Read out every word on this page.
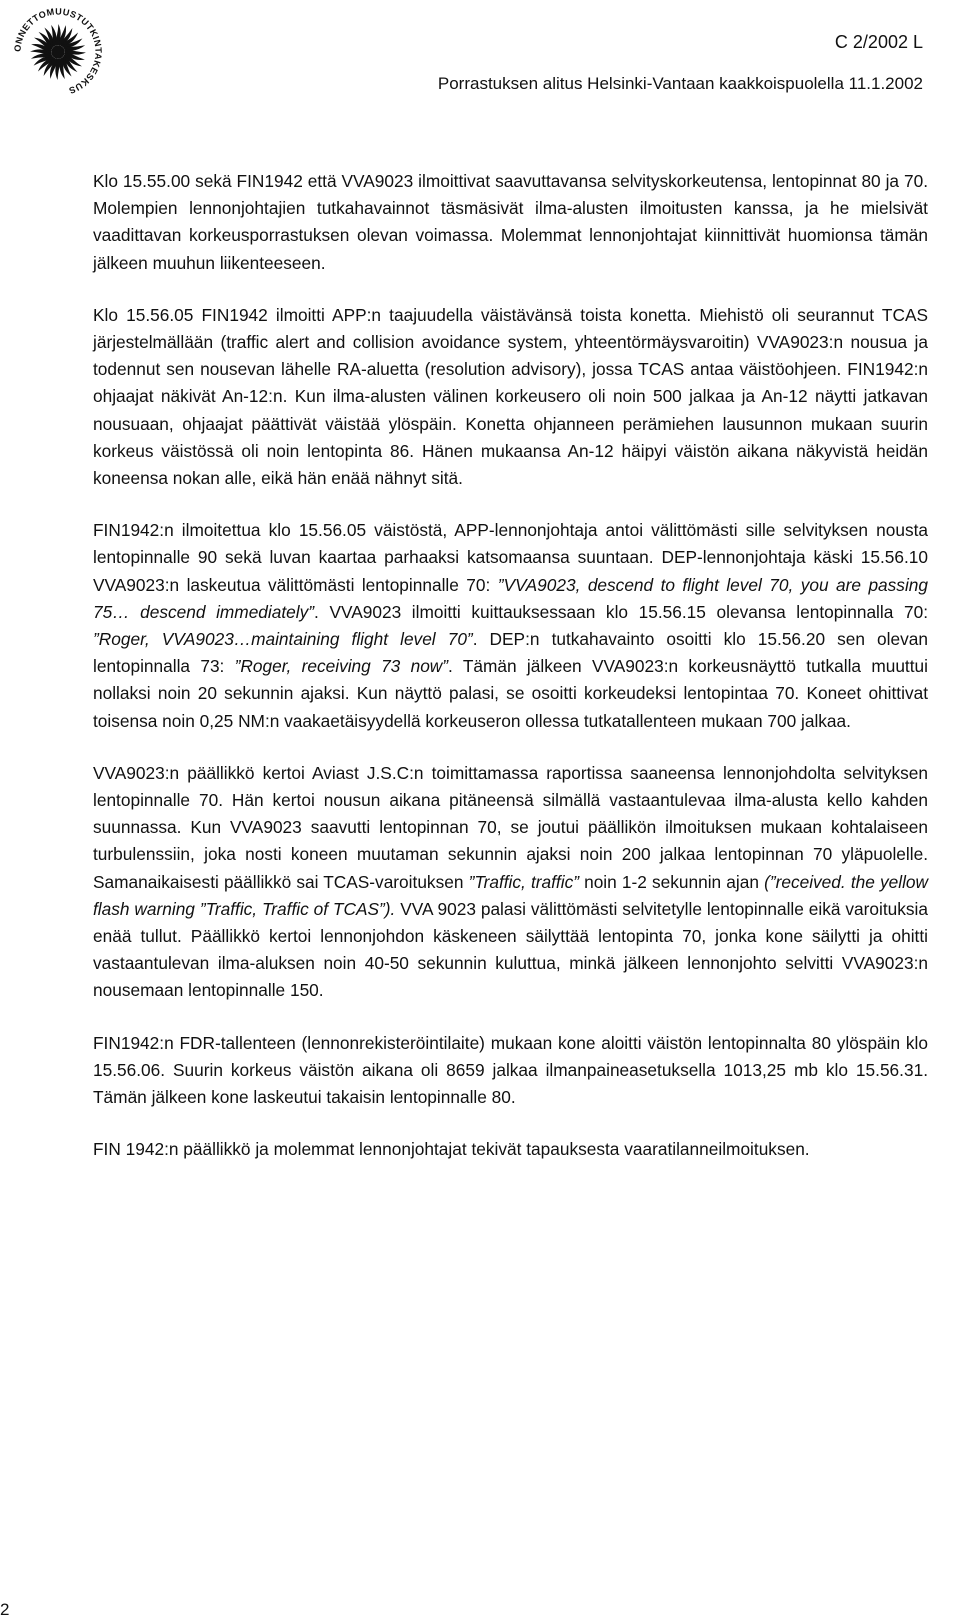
ONNETTOMUUSTUTKINTAKESKUS
C 2/2002 L
Porrastuksen alitus Helsinki-Vantaan kaakkoispuolella 11.1.2002

Klo 15.55.00 sekä FIN1942 että VVA9023 ilmoittivat saavuttavansa selvityskorkeutensa, lentopinnat 80 ja 70. Molempien lennonjohtajien tutkahavainnot täsmäsivät ilma-alusten ilmoitusten kanssa, ja he mielsivät vaadittavan korkeusporrastuksen olevan voimassa. Molemmat lennonjohtajat kiinnittivät huomionsa tämän jälkeen muuhun liikenteeseen.

Klo 15.56.05 FIN1942 ilmoitti APP:n taajuudella väistävänsä toista konetta. Miehistö oli seurannut TCAS järjestelmällään (traffic alert and collision avoidance system, yhteentörmäysvaroitin) VVA9023:n nousua ja todennut sen nousevan lähelle RA-aluetta (resolution advisory), jossa TCAS antaa väistöohjeen. FIN1942:n ohjaajat näkivät An-12:n. Kun ilma-alusten välinen korkeusero oli noin 500 jalkaa ja An-12 näytti jatkavan nousuaan, ohjaajat päättivät väistää ylöspäin. Konetta ohjanneen perämiehen lausunnon mukaan suurin korkeus väistössä oli noin lentopinta 86. Hänen mukaansa An-12 häipyi väistön aikana näkyvistä heidän koneensa nokan alle, eikä hän enää nähnyt sitä.

FIN1942:n ilmoitettua klo 15.56.05 väistöstä, APP-lennonjohtaja antoi välittömästi sille selvityksen nousta lentopinnalle 90 sekä luvan kaartaa parhaaksi katsomaansa suuntaan. DEP-lennonjohtaja käski 15.56.10 VVA9023:n laskeutua välittömästi lentopinnalle 70: ”VVA9023, descend to flight level 70, you are passing 75… descend immediately”. VVA9023 ilmoitti kuittauksessaan klo 15.56.15 olevansa lentopinnalla 70: ”Roger, VVA9023…maintaining flight level 70”. DEP:n tutkahavainto osoitti klo 15.56.20 sen olevan lentopinnalla 73: ”Roger, receiving 73 now”. Tämän jälkeen VVA9023:n korkeusnäyttö tutkalla muuttui nollaksi noin 20 sekunnin ajaksi. Kun näyttö palasi, se osoitti korkeudeksi lentopintaa 70. Koneet ohittivat toisensa noin 0,25 NM:n vaakaetäisyydellä korkeuseron ollessa tutkatallenteen mukaan 700 jalkaa.

VVA9023:n päällikkö kertoi Aviast J.S.C:n toimittamassa raportissa saaneensa lennonjohdolta selvityksen lentopinnalle 70. Hän kertoi nousun aikana pitäneensä silmällä vastaantulevaa ilma-alusta kello kahden suunnassa. Kun VVA9023 saavutti lentopinnan 70, se joutui päällikön ilmoituksen mukaan kohtalaiseen turbulenssiin, joka nosti koneen muutaman sekunnin ajaksi noin 200 jalkaa lentopinnan 70 yläpuolelle. Samanaikaisesti päällikkö sai TCAS-varoituksen ”Traffic, traffic” noin 1-2 sekunnin ajan (”received. the yellow flash warning ”Traffic, Traffic of TCAS”). VVA 9023 palasi välittömästi selvitetylle lentopinnalle eikä varoituksia enää tullut. Päällikkö kertoi lennonjohdon käskeneen säilyttää lentopinta 70, jonka kone säilytti ja ohitti vastaantulevan ilma-aluksen noin 40-50 sekunnin kuluttua, minkä jälkeen lennonjohto selvitti VVA9023:n nousemaan lentopinnalle 150.

FIN1942:n FDR-tallenteen (lennonrekisteröintilaite) mukaan kone aloitti väistön lentopinnalta 80 ylöspäin klo 15.56.06. Suurin korkeus väistön aikana oli 8659 jalkaa ilmanpaineasetuksella 1013,25 mb klo 15.56.31. Tämän jälkeen kone laskeutui takaisin lentopinnalle 80.

FIN 1942:n päällikkö ja molemmat lennonjohtajat tekivät tapauksesta vaaratilanneilmoituksen.

2
